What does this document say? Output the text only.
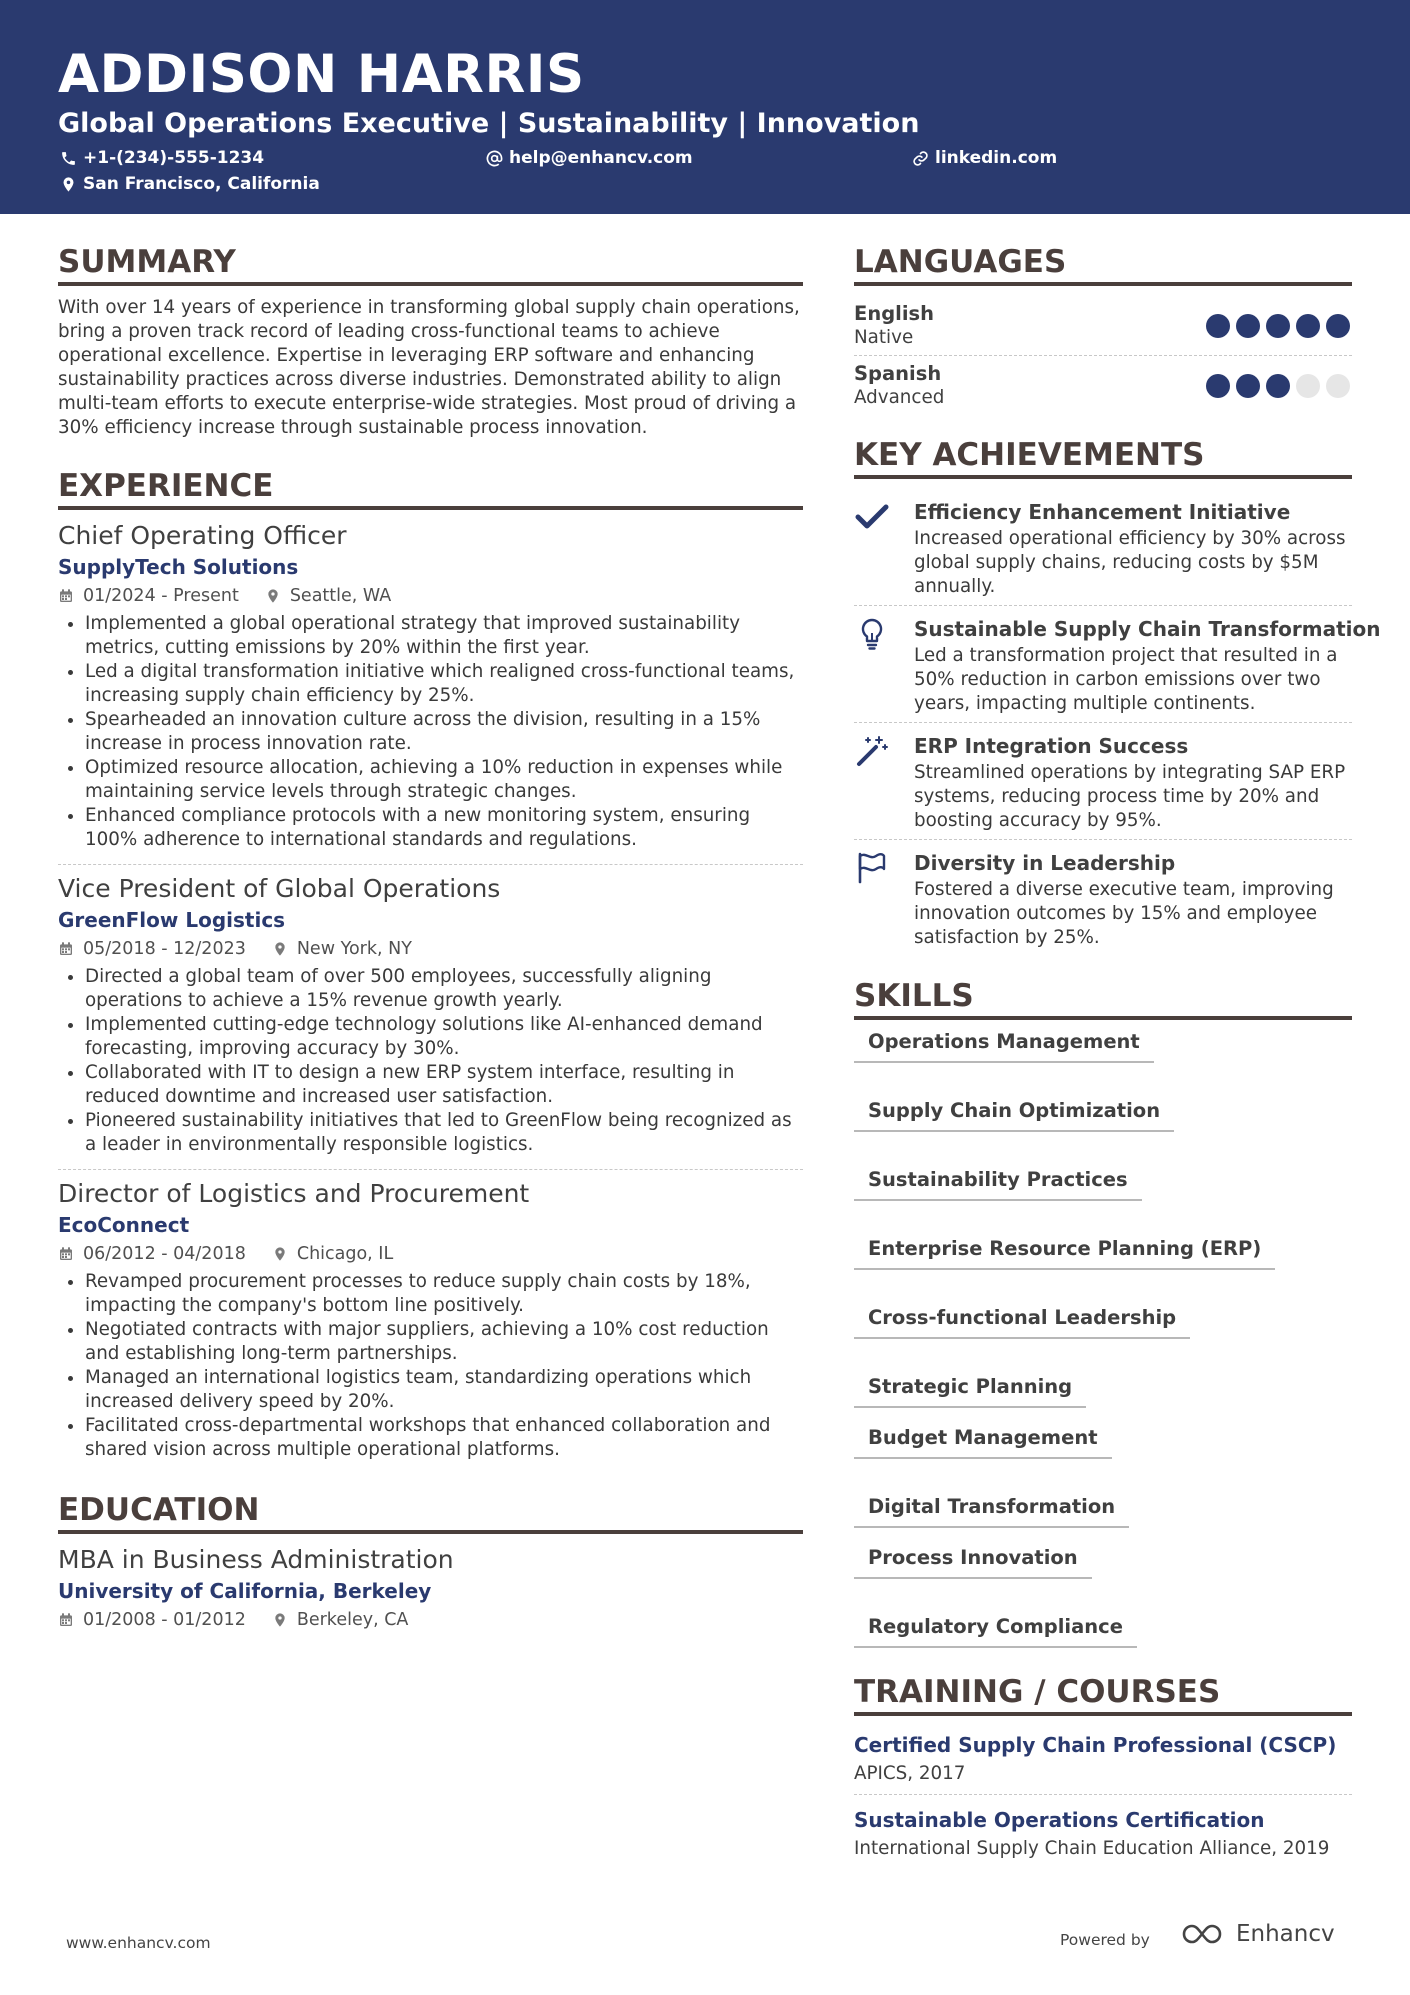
ADDISON HARRIS
Global Operations Executive | Sustainability | Innovation
+1-(234)-555-1234	help@enhancv.com	linkedin.com
San Francisco, California
SUMMARY
With over 14 years of experience in transforming global supply chain operations, bring a proven track record of leading cross-functional teams to achieve operational excellence. Expertise in leveraging ERP software and enhancing sustainability practices across diverse industries. Demonstrated ability to align multi-team efforts to execute enterprise-wide strategies. Most proud of driving a 30% efficiency increase through sustainable process innovation.
EXPERIENCE
Chief Operating Officer
SupplyTech Solutions
01/2024 - Present	Seattle, WA
• Implemented a global operational strategy that improved sustainability metrics, cutting emissions by 20% within the first year.
• Led a digital transformation initiative which realigned cross-functional teams, increasing supply chain efficiency by 25%.
• Spearheaded an innovation culture across the division, resulting in a 15% increase in process innovation rate.
• Optimized resource allocation, achieving a 10% reduction in expenses while maintaining service levels through strategic changes.
• Enhanced compliance protocols with a new monitoring system, ensuring 100% adherence to international standards and regulations.
Vice President of Global Operations
GreenFlow Logistics
05/2018 - 12/2023	New York, NY
• Directed a global team of over 500 employees, successfully aligning operations to achieve a 15% revenue growth yearly.
• Implemented cutting-edge technology solutions like AI-enhanced demand forecasting, improving accuracy by 30%.
• Collaborated with IT to design a new ERP system interface, resulting in reduced downtime and increased user satisfaction.
• Pioneered sustainability initiatives that led to GreenFlow being recognized as a leader in environmentally responsible logistics.
Director of Logistics and Procurement
EcoConnect
06/2012 - 04/2018	Chicago, IL
• Revamped procurement processes to reduce supply chain costs by 18%, impacting the company's bottom line positively.
• Negotiated contracts with major suppliers, achieving a 10% cost reduction and establishing long-term partnerships.
• Managed an international logistics team, standardizing operations which increased delivery speed by 20%.
• Facilitated cross-departmental workshops that enhanced collaboration and shared vision across multiple operational platforms.
EDUCATION
MBA in Business Administration
University of California, Berkeley
01/2008 - 01/2012	Berkeley, CA
LANGUAGES
English
Native
Spanish
Advanced
KEY ACHIEVEMENTS
Efficiency Enhancement Initiative
Increased operational efficiency by 30% across global supply chains, reducing costs by $5M annually.
Sustainable Supply Chain Transformation
Led a transformation project that resulted in a 50% reduction in carbon emissions over two years, impacting multiple continents.
ERP Integration Success
Streamlined operations by integrating SAP ERP systems, reducing process time by 20% and boosting accuracy by 95%.
Diversity in Leadership
Fostered a diverse executive team, improving innovation outcomes by 15% and employee satisfaction by 25%.
SKILLS
Operations Management
Supply Chain Optimization
Sustainability Practices
Enterprise Resource Planning (ERP)
Cross-functional Leadership
Strategic Planning
Budget Management
Digital Transformation
Process Innovation
Regulatory Compliance
TRAINING / COURSES
Certified Supply Chain Professional (CSCP)
APICS, 2017
Sustainable Operations Certification
International Supply Chain Education Alliance, 2019
www.enhancv.com	Powered by	Enhancv
